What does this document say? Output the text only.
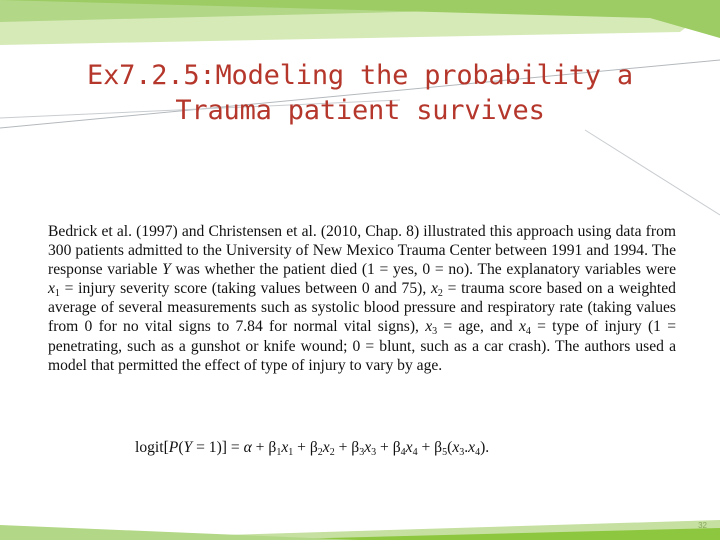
Ex7.2.5:Modeling the probability a
Trauma patient survives

Bedrick et al. (1997) and Christensen et al. (2010, Chap. 8) illustrated this approach using data from 300 patients admitted to the University of New Mexico Trauma Center between 1991 and 1994. The response variable Y was whether the patient died (1 = yes, 0 = no). The explanatory variables were $x_1$ = injury severity score (taking values between 0 and 75), $x_2$ = trauma score based on a weighted average of several measurements such as systolic blood pressure and respiratory rate (taking values from 0 for no vital signs to 7.84 for normal vital signs), $x_3$ = age, and $x_4$ = type of injury (1 = penetrating, such as a gunshot or knife wound; 0 = blunt, such as a car crash). The authors used a model that permitted the effect of type of injury to vary by age.

logit[P(Y = $1)] = \alpha + \beta_1x_1 + \beta_2x_2 + \beta_3x_3 + \beta_4x_4 + \beta_5(x_3.x_4)$.
32
